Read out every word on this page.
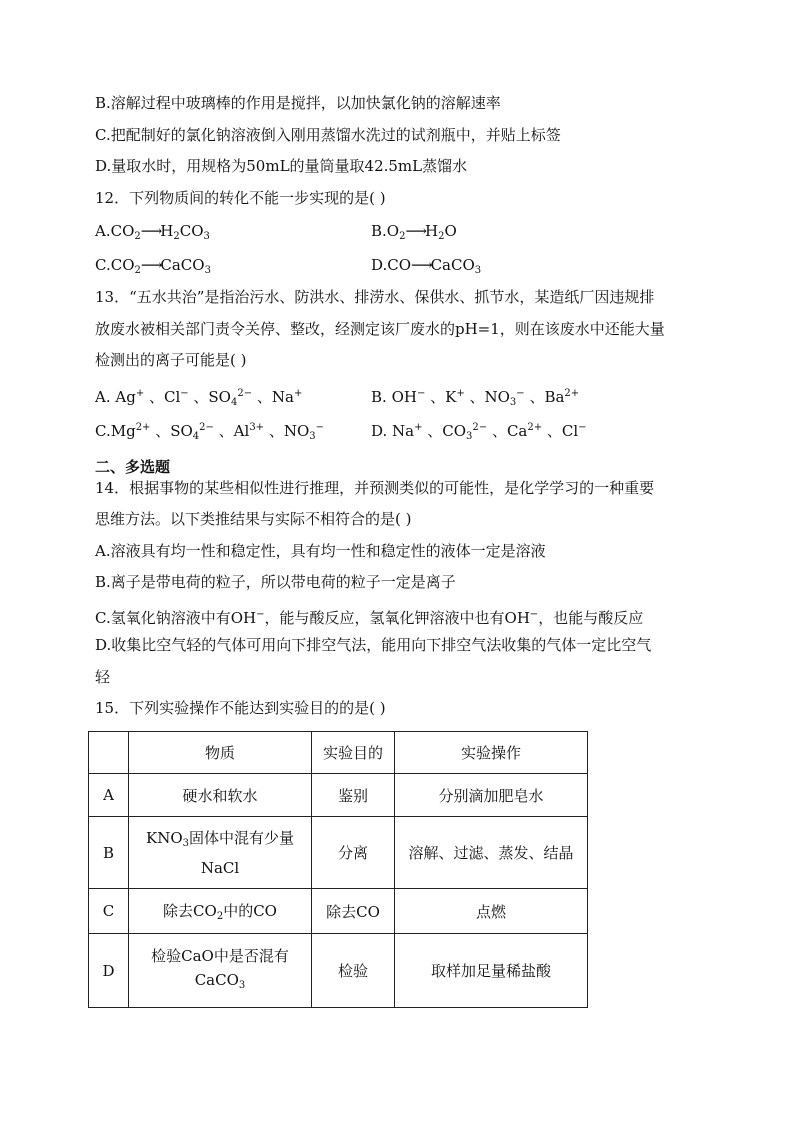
B.溶解过程中玻璃棒的作用是搅拌，以加快氯化钠的溶解速率
C.把配制好的氯化钠溶液倒入刚用蒸馏水洗过的试剂瓶中，并贴上标签
D.量取水时，用规格为50mL的量筒量取42.5mL蒸馏水
12．下列物质间的转化不能一步实现的是( )
$A.CO_2⟶H_2CO_3$	$B.O_2⟶H_2O$
$C.CO_2⟶CaCO_3$	D.CO⟶CaCO$_3$
13．“五水共治”是指治污水、防洪水、排涝水、保供水、抓节水，某造纸厂因违规排
放废水被相关部门责令关停、整改，经测定该厂废水的pH=1，则在该废水中还能大量
检测出的离子可能是( )
A. Ag+ 、Cl− 、$SO_4^{2-}$ 、Na+	B. OH− 、K+ 、$NO_3^-$ 、$Ba^{2+}$
$C.Mg^{2+}$ 、$SO_4^{2-}$ 、$Al^{3+}$ 、$NO_3^-$	D. Na+ 、$CO_3^{2-}$ 、$Ca^{2+}$ 、Cl−
二、多选题
14．根据事物的某些相似性进行推理，并预测类似的可能性，是化学学习的一种重要
思维方法。以下类推结果与实际不相符合的是( )
A.溶液具有均一性和稳定性，具有均一性和稳定性的液体一定是溶液
B.离子是带电荷的粒子，所以带电荷的粒子一定是离子
C.氢氧化钠溶液中有OH−，能与酸反应，氢氧化钾溶液中也有OH−，也能与酸反应
D.收集比空气轻的气体可用向下排空气法，能用向下排空气法收集的气体一定比空气
轻
15．下列实验操作不能达到实验目的的是( )
	物质	实验目的	实验操作
A	硬水和软水	鉴别	分别滴加肥皂水
B	$KNO_3$固体中混有少量
NaCl	分离	溶解、过滤、蒸发、结晶
C	除去$CO_2$中的CO	除去CO	点燃
D	检验CaO中是否混有
CaCO$_3$	检验	取样加足量稀盐酸
